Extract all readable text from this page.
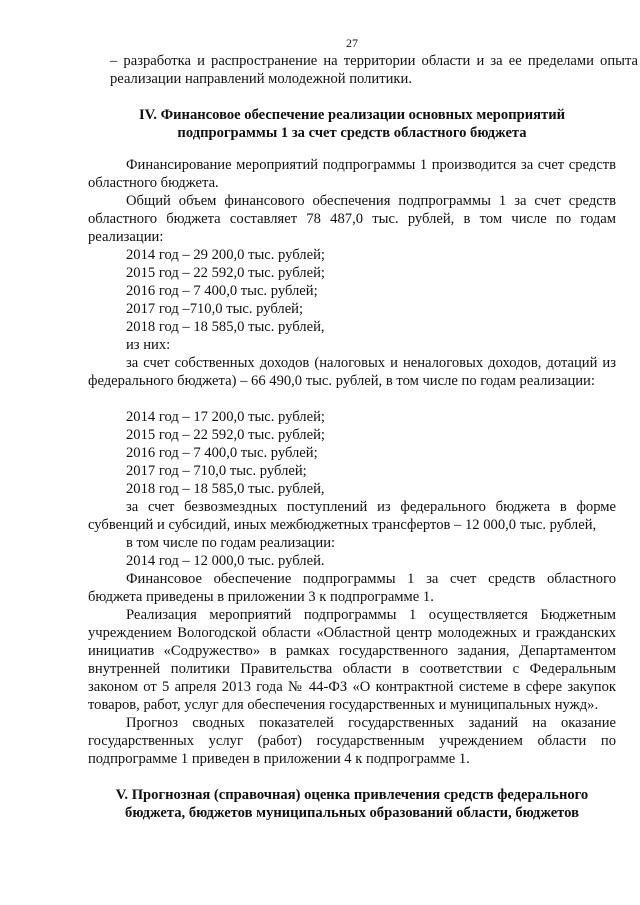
27
– разработка и распространение на территории области и за ее пределами опыта реализации направлений молодежной политики.
IV. Финансовое обеспечение реализации основных мероприятий
подпрограммы 1 за счет средств областного бюджета
Финансирование мероприятий подпрограммы 1 производится за счет средств областного бюджета.
Общий объем финансового обеспечения подпрограммы 1 за счет средств областного бюджета составляет 78 487,0 тыс. рублей, в том числе по годам реализации:
2014 год – 29 200,0 тыс. рублей;
2015 год – 22 592,0 тыс. рублей;
2016 год – 7 400,0 тыс. рублей;
2017 год –710,0 тыс. рублей;
2018 год – 18 585,0 тыс. рублей,
из них:
за счет собственных доходов (налоговых и неналоговых доходов, дотаций из федерального бюджета) – 66 490,0 тыс. рублей, в том числе по годам реализации:
2014 год – 17 200,0 тыс. рублей;
2015 год – 22 592,0 тыс. рублей;
2016 год – 7 400,0 тыс. рублей;
2017 год – 710,0 тыс. рублей;
2018 год – 18 585,0 тыс. рублей,
за счет безвозмездных поступлений из федерального бюджета в форме субвенций и субсидий, иных межбюджетных трансфертов – 12 000,0 тыс. рублей,
в том числе по годам реализации:
2014 год – 12 000,0 тыс. рублей.
Финансовое обеспечение подпрограммы 1 за счет средств областного бюджета приведены в приложении 3 к подпрограмме 1.
Реализация мероприятий подпрограммы 1 осуществляется Бюджетным учреждением Вологодской области «Областной центр молодежных и гражданских инициатив «Содружество» в рамках государственного задания, Департаментом внутренней политики Правительства области в соответствии с Федеральным законом от 5 апреля 2013 года № 44-ФЗ «О контрактной системе в сфере закупок товаров, работ, услуг для обеспечения государственных и муниципальных нужд».
Прогноз сводных показателей государственных заданий на оказание государственных услуг (работ) государственным учреждением области по подпрограмме 1 приведен в приложении 4 к подпрограмме 1.
V. Прогнозная (справочная) оценка привлечения средств федерального
бюджета, бюджетов муниципальных образований области, бюджетов
